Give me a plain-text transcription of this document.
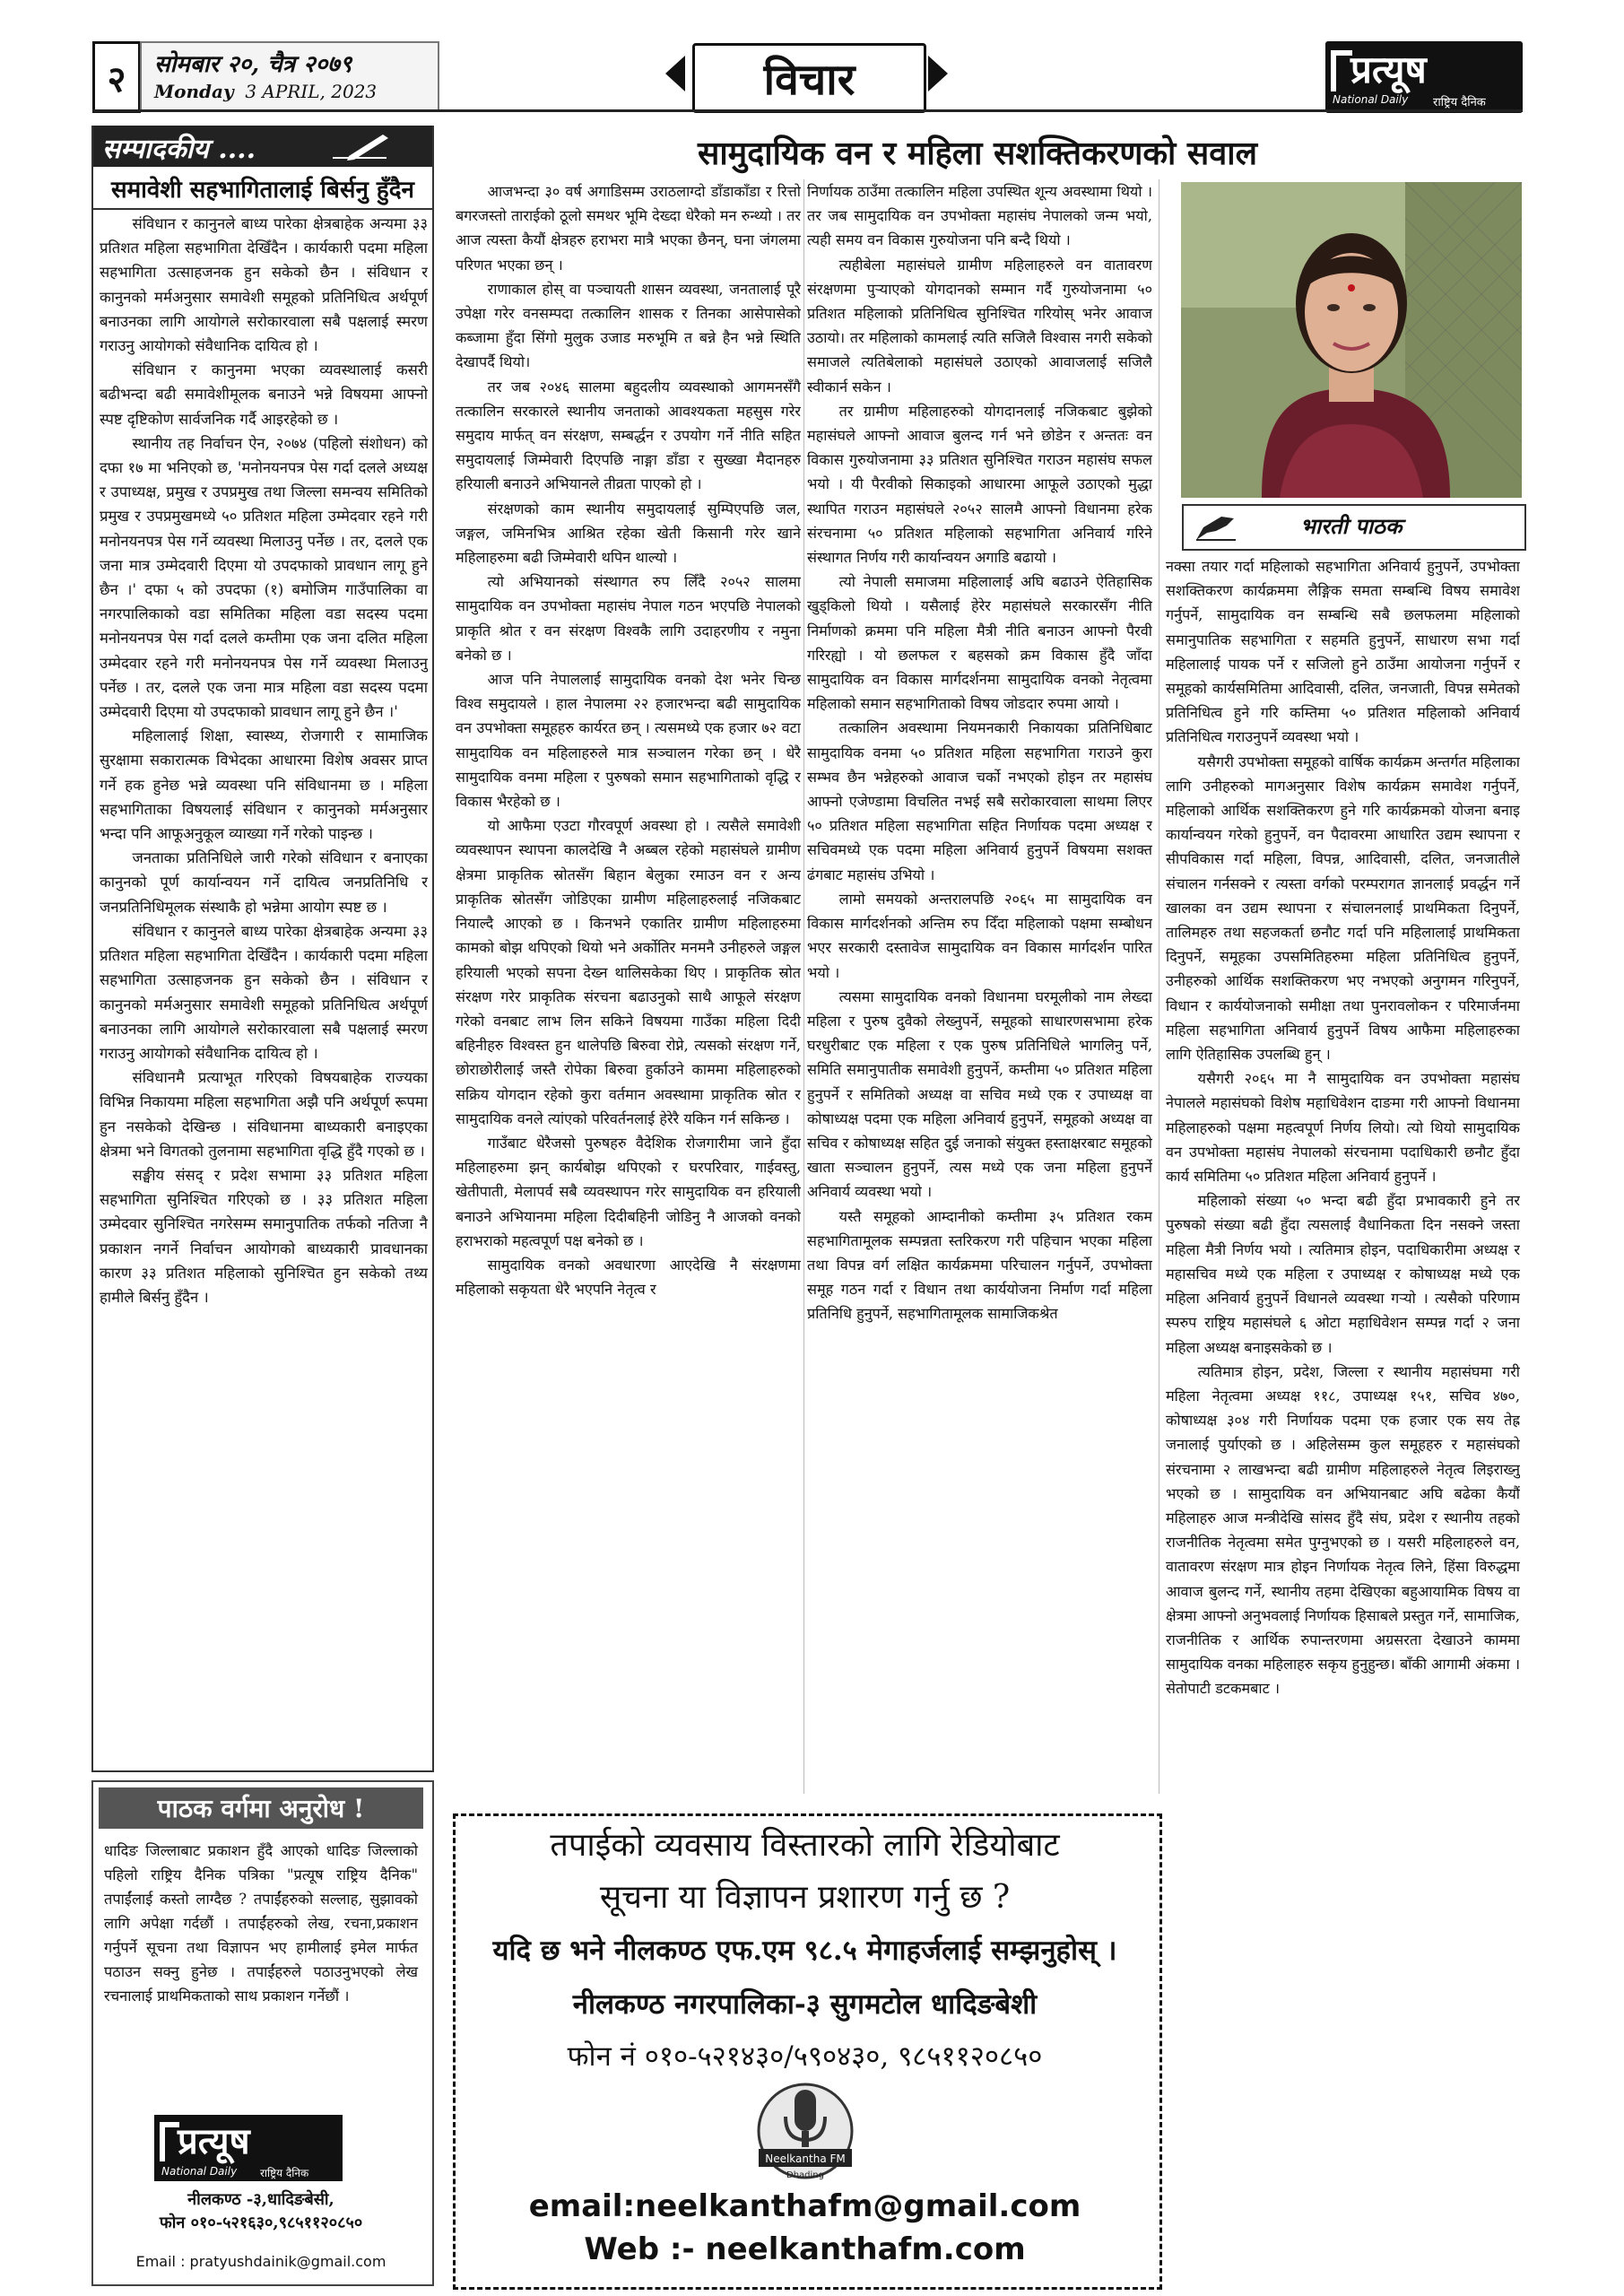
२	सोमबार २०, चैत्र २०७९
Monday 3 APRIL, 2023	विचार	प्रत्यूष
National Daily राष्ट्रिय दैनिक
सम्पादकीय ....
समावेशी सहभागितालाई बिर्सनु हुँदैन

संविधान र कानुनले बाध्य पारेका क्षेत्रबाहेक अन्यमा ३३ प्रतिशत महिला सहभागिता देखिँदैन । कार्यकारी पदमा महिला सहभागिता उत्साहजनक हुन सकेको छैन । संविधान र कानुनको मर्मअनुसार समावेशी समूहको प्रतिनिधित्व अर्थपूर्ण बनाउनका लागि आयोगले सरोकारवाला सबै पक्षलाई स्मरण गराउनु आयोगको संवैधानिक दायित्व हो ।

संविधान र कानुनमा भएका व्यवस्थालाई कसरी बढीभन्दा बढी समावेशीमूलक बनाउने भन्ने विषयमा आफ्नो स्पष्ट दृष्टिकोण सार्वजनिक गर्दै आइरहेको छ ।

स्थानीय तह निर्वाचन ऐन, २०७४ (पहिलो संशोधन) को दफा १७ मा भनिएको छ, 'मनोनयनपत्र पेस गर्दा दलले अध्यक्ष र उपाध्यक्ष, प्रमुख र उपप्रमुख तथा जिल्ला समन्वय समितिको प्रमुख र उपप्रमुखमध्ये ५० प्रतिशत महिला उम्मेदवार रहने गरी मनोनयनपत्र पेस गर्ने व्यवस्था मिलाउनु पर्नेछ । तर, दलले एक जना मात्र उम्मेदवारी दिएमा यो उपदफाको प्रावधान लागू हुने छैन ।' दफा ५ को उपदफा (१) बमोजिम गाउँपालिका वा नगरपालिकाको वडा समितिका महिला वडा सदस्य पदमा मनोनयनपत्र पेस गर्दा दलले कम्तीमा एक जना दलित महिला उम्मेदवार रहने गरी मनोनयनपत्र पेस गर्ने व्यवस्था मिलाउनु पर्नेछ । तर, दलले एक जना मात्र महिला वडा सदस्य पदमा उम्मेदवारी दिएमा यो उपदफाको प्रावधान लागू हुने छैन ।'

महिलालाई शिक्षा, स्वास्थ्य, रोजगारी र सामाजिक सुरक्षामा सकारात्मक विभेदका आधारमा विशेष अवसर प्राप्त गर्ने हक हुनेछ भन्ने व्यवस्था पनि संविधानमा छ । महिला सहभागिताका विषयलाई संविधान र कानुनको मर्मअनुसार भन्दा पनि आफूअनुकूल व्याख्या गर्ने गरेको पाइन्छ ।

जनताका प्रतिनिधिले जारी गरेको संविधान र बनाएका कानुनको पूर्ण कार्यान्वयन गर्ने दायित्व जनप्रतिनिधि र जनप्रतिनिधिमूलक संस्थाकै हो भन्नेमा आयोग स्पष्ट छ ।

संविधान र कानुनले बाध्य पारेका क्षेत्रबाहेक अन्यमा ३३ प्रतिशत महिला सहभागिता देखिँदैन । कार्यकारी पदमा महिला सहभागिता उत्साहजनक हुन सकेको छैन । संविधान र कानुनको मर्मअनुसार समावेशी समूहको प्रतिनिधित्व अर्थपूर्ण बनाउनका लागि आयोगले सरोकारवाला सबै पक्षलाई स्मरण गराउनु आयोगको संवैधानिक दायित्व हो ।

संविधानमै प्रत्याभूत गरिएको विषयबाहेक राज्यका विभिन्न निकायमा महिला सहभागिता अझै पनि अर्थपूर्ण रूपमा हुन नसकेको देखिन्छ । संविधानमा बाध्यकारी बनाइएका क्षेत्रमा भने विगतको तुलनामा सहभागिता वृद्धि हुँदै गएको छ ।

सङ्घीय संसद् र प्रदेश सभामा ३३ प्रतिशत महिला सहभागिता सुनिश्चित गरिएको छ । ३३ प्रतिशत महिला उम्मेदवार सुनिश्चित नगरेसम्म समानुपातिक तर्फको नतिजा नै प्रकाशन नगर्ने निर्वाचन आयोगको बाध्यकारी प्रावधानका कारण ३३ प्रतिशत महिलाको सुनिश्चित हुन सकेको तथ्य हामीले बिर्सनु हुँदैन ।

पाठक वर्गमा अनुरोध !
धादिङ जिल्लाबाट प्रकाशन हुँदै आएको धादिङ जिल्लाको पहिलो राष्ट्रिय दैनिक पत्रिका "प्रत्यूष राष्ट्रिय दैनिक" तपाईंलाई कस्तो लाग्दैछ ? तपाईंहरुको सल्लाह, सुझावको लागि अपेक्षा गर्दछौं । तपाईंहरुको लेख, रचना,प्रकाशन गर्नुपर्ने सूचना तथा विज्ञापन भए हामीलाई इमेल मार्फत पठाउन सक्नु हुनेछ । तपाईंहरुले पठाउनुभएको लेख रचनालाई प्राथमिकताको साथ प्रकाशन गर्नेछौं ।
प्रत्यूष
National Daily राष्ट्रिय दैनिक
नीलकण्ठ -३,धादिङबेसी,
फोन ०१०-५२१६३०,९८५११२०८५०
Email : pratyushdainik@gmail.com
सामुदायिक वन र महिला सशक्तिकरणको सवाल

आजभन्दा ३० वर्ष अगाडिसम्म उराठलाग्दो डाँडाकाँडा र रित्तो बगरजस्तो ताराईको ठूलो समथर भूमि देख्दा धेरैको मन रुन्थ्यो । तर आज त्यस्ता कैयौं क्षेत्रहरु हराभरा मात्रै भएका छैनन्, घना जंगलमा परिणत भएका छन् ।

राणाकाल होस् वा पञ्चायती शासन व्यवस्था, जनतालाई पूरै उपेक्षा गरेर वनसम्पदा तत्कालिन शासक र तिनका आसेपासेको कब्जामा हुँदा सिंगो मुलुक उजाड मरुभूमि त बन्ने हैन भन्ने स्थिति देखापर्दै थियो।

तर जब २०४६ सालमा बहुदलीय व्यवस्थाको आगमनसँगै तत्कालिन सरकारले स्थानीय जनताको आवश्यकता महसुस गरेर समुदाय मार्फत् वन संरक्षण, सम्बर्द्धन र उपयोग गर्ने नीति सहित समुदायलाई जिम्मेवारी दिएपछि नाङ्गा डाँडा र सुख्खा मैदानहरु हरियाली बनाउने अभियानले तीव्रता पाएको हो ।

संरक्षणको काम स्थानीय समुदायलाई सुम्पिएपछि जल, जङ्गल, जमिनभित्र आश्रित रहेका खेती किसानी गरेर खाने महिलाहरुमा बढी जिम्मेवारी थपिन थाल्यो ।

त्यो अभियानको संस्थागत रुप लिँदै २०५२ सालमा सामुदायिक वन उपभोक्ता महासंघ नेपाल गठन भएपछि नेपालको प्राकृति श्रोत र वन संरक्षण विश्वकै लागि उदाहरणीय र नमुना बनेको छ ।

आज पनि नेपाललाई सामुदायिक वनको देश भनेर चिन्छ विश्व समुदायले । हाल नेपालमा २२ हजारभन्दा बढी सामुदायिक वन उपभोक्ता समूहहरु कार्यरत छन् । त्यसमध्ये एक हजार ७२ वटा सामुदायिक वन महिलाहरुले मात्र सञ्चालन गरेका छन् । धेरै सामुदायिक वनमा महिला र पुरुषको समान सहभागिताको वृद्धि र विकास भैरहेको छ ।

यो आफैमा एउटा गौरवपूर्ण अवस्था हो । त्यसैले समावेशी व्यवस्थापन स्थापना कालदेखि नै अब्बल रहेको महासंघले ग्रामीण क्षेत्रमा प्राकृतिक स्रोतसँग बिहान बेलुका रमाउन वन र अन्य प्राकृतिक स्रोतसँग जोडिएका ग्रामीण महिलाहरुलाई नजिकबाट नियाल्दै आएको छ । किनभने एकातिर ग्रामीण महिलाहरुमा कामको बोझ थपिएको थियो भने अर्कोतिर मनमनै उनीहरुले जङ्गल हरियाली भएको सपना देख्न थालिसकेका थिए । प्राकृतिक स्रोत संरक्षण गरेर प्राकृतिक संरचना बढाउनुको साथै आफूले संरक्षण गरेको वनबाट लाभ लिन सकिने विषयमा गाउँका महिला दिदी बहिनीहरु विश्वस्त हुन थालेपछि बिरुवा रोप्ने, त्यसको संरक्षण गर्ने, छोराछोरीलाई जस्तै रोपेका बिरुवा हुर्काउने काममा महिलाहरुको सक्रिय योगदान रहेको कुरा वर्तमान अवस्थामा प्राकृतिक स्रोत र सामुदायिक वनले त्यांएको परिवर्तनलाई हेरेरै यकिन गर्न सकिन्छ ।

गाउँबाट धेरैजसो पुरुषहरु वैदेशिक रोजगारीमा जाने हुँदा महिलाहरुमा झन् कार्यबोझ थपिएको र घरपरिवार, गाईवस्तु, खेतीपाती, मेलापर्व सबै व्यवस्थापन गरेर सामुदायिक वन हरियाली बनाउने अभियानमा महिला दिदीबहिनी जोडिनु नै आजको वनको हराभराको महत्वपूर्ण पक्ष बनेको छ ।

सामुदायिक वनको अवधारणा आएदेखि नै संरक्षणमा महिलाको सकृयता धेरै भएपनि नेतृत्व र

निर्णायक ठाउँमा तत्कालिन महिला उपस्थित शून्य अवस्थामा थियो । तर जब सामुदायिक वन उपभोक्ता महासंघ नेपालको जन्म भयो, त्यही समय वन विकास गुरुयोजना पनि बन्दै थियो ।

त्यहीबेला महासंघले ग्रामीण महिलाहरुले वन वातावरण संरक्षणमा पुऱ्याएको योगदानको सम्मान गर्दै गुरुयोजनामा ५० प्रतिशत महिलाको प्रतिनिधित्व सुनिश्चित गरियोस् भनेर आवाज उठायो। तर महिलाको कामलाई त्यति सजिलै विश्वास नगरी सकेको समाजले त्यतिबेलाको महासंघले उठाएको आवाजलाई सजिलै स्वीकार्न सकेन ।

तर ग्रामीण महिलाहरुको योगदानलाई नजिकबाट बुझेको महासंघले आफ्नो आवाज बुलन्द गर्न भने छोडेन र अन्ततः वन विकास गुरुयोजनामा ३३ प्रतिशत सुनिश्चित गराउन महासंघ सफल भयो । यी पैरवीको सिकाइको आधारमा आफूले उठाएको मुद्धा स्थापित गराउन महासंघले २०५२ सालमै आफ्नो विधानमा हरेक संरचनामा ५० प्रतिशत महिलाको सहभागिता अनिवार्य गरिने संस्थागत निर्णय गरी कार्यान्वयन अगाडि बढायो ।

त्यो नेपाली समाजमा महिलालाई अघि बढाउने ऐतिहासिक खुड्किलो थियो । यसैलाई हेरेर महासंघले सरकारसँग नीति निर्माणको क्रममा पनि महिला मैत्री नीति बनाउन आफ्नो पैरवी गरिरह्यो । यो छलफल र बहसको क्रम विकास हुँदै जाँदा सामुदायिक वन विकास मार्गदर्शनमा सामुदायिक वनको नेतृत्वमा महिलाको समान सहभागिताको विषय जोडदार रुपमा आयो ।

तत्कालिन अवस्थामा नियमनकारी निकायका प्रतिनिधिबाट सामुदायिक वनमा ५० प्रतिशत महिला सहभागिता गराउने कुरा सम्भव छैन भन्नेहरुको आवाज चर्को नभएको होइन तर महासंघ आफ्नो एजेण्डामा विचलित नभई सबै सरोकारवाला साथमा लिएर ५० प्रतिशत महिला सहभागिता सहित निर्णायक पदमा अध्यक्ष र सचिवमध्ये एक पदमा महिला अनिवार्य हुनुपर्ने विषयमा सशक्त ढंगबाट महासंघ उभियो ।

लामो समयको अन्तरालपछि २०६५ मा सामुदायिक वन विकास मार्गदर्शनको अन्तिम रुप दिँदा महिलाको पक्षमा सम्बोधन भएर सरकारी दस्तावेज सामुदायिक वन विकास मार्गदर्शन पारित भयो ।

त्यसमा सामुदायिक वनको विधानमा घरमूलीको नाम लेख्दा महिला र पुरुष दुवैको लेख्नुपर्ने, समूहको साधारणसभामा हरेक घरधुरीबाट एक महिला र एक पुरुष प्रतिनिधिले भागलिनु पर्ने, समिति समानुपातीक समावेशी हुनुपर्ने, कम्तीमा ५० प्रतिशत महिला हुनुपर्ने र समितिको अध्यक्ष वा सचिव मध्ये एक र उपाध्यक्ष वा कोषाध्यक्ष पदमा एक महिला अनिवार्य हुनुपर्ने, समूहको अध्यक्ष वा सचिव र कोषाध्यक्ष सहित दुई जनाको संयुक्त हस्ताक्षरबाट समूहको खाता सञ्चालन हुनुपर्ने, त्यस मध्ये एक जना महिला हुनुपर्ने अनिवार्य व्यवस्था भयो ।

यस्तै समूहको आम्दानीको कम्तीमा ३५ प्रतिशत रकम सहभागितामूलक सम्पन्नता स्तरिकरण गरी पहिचान भएका महिला तथा विपन्न वर्ग लक्षित कार्यक्रममा परिचालन गर्नुपर्ने, उपभोक्ता समूह गठन गर्दा र विधान तथा कार्ययोजना निर्माण गर्दा महिला प्रतिनिधि हुनुपर्ने, सहभागितामूलक सामाजिकश्रेत

भारती पाठक

नक्सा तयार गर्दा महिलाको सहभागिता अनिवार्य हुनुपर्ने, उपभोक्ता सशक्तिकरण कार्यक्रममा लैङ्गिक समता सम्बन्धि विषय समावेश गर्नुपर्ने, सामुदायिक वन सम्बन्धि सबै छलफलमा महिलाको समानुपातिक सहभागिता र सहमति हुनुपर्ने, साधारण सभा गर्दा महिलालाई पायक पर्ने र सजिलो हुने ठाउँमा आयोजना गर्नुपर्ने र समूहको कार्यसमितिमा आदिवासी, दलित, जनजाती, विपन्न समेतको प्रतिनिधित्व हुने गरि कम्तिमा ५० प्रतिशत महिलाको अनिवार्य प्रतिनिधित्व गराउनुपर्ने व्यवस्था भयो ।

यसैगरी उपभोक्ता समूहको वार्षिक कार्यक्रम अन्तर्गत महिलाका लागि उनीहरुको मागअनुसार विशेष कार्यक्रम समावेश गर्नुपर्ने, महिलाको आर्थिक सशक्तिकरण हुने गरि कार्यक्रमको योजना बनाइ कार्यान्वयन गरेको हुनुपर्ने, वन पैदावरमा आधारित उद्यम स्थापना र सीपविकास गर्दा महिला, विपन्न, आदिवासी, दलित, जनजातीले संचालन गर्नसक्ने र त्यस्ता वर्गको परम्परागत ज्ञानलाई प्रवर्द्धन गर्ने खालका वन उद्यम स्थापना र संचालनलाई प्राथमिकता दिनुपर्ने, तालिमहरु तथा सहजकर्ता छनौट गर्दा पनि महिलालाई प्राथमिकता दिनुपर्ने, समूहका उपसमितिहरुमा महिला प्रतिनिधित्व हुनुपर्ने, उनीहरुको आर्थिक सशक्तिकरण भए नभएको अनुगमन गरिनुपर्ने, विधान र कार्ययोजनाको समीक्षा तथा पुनरावलोकन र परिमार्जनमा महिला सहभागिता अनिवार्य हुनुपर्ने विषय आफैमा महिलाहरुका लागि ऐतिहासिक उपलब्धि हुन् ।

यसैगरी २०६५ मा नै सामुदायिक वन उपभोक्ता महासंघ नेपालले महासंघको विशेष महाधिवेशन दाङमा गरी आफ्नो विधानमा महिलाहरुको पक्षमा महत्वपूर्ण निर्णय लियो। त्यो थियो सामुदायिक वन उपभोक्ता महासंघ नेपालको संरचनामा पदाधिकारी छनौट हुँदा कार्य समितिमा ५० प्रतिशत महिला अनिवार्य हुनुपर्ने ।

महिलाको संख्या ५० भन्दा बढी हुँदा प्रभावकारी हुने तर पुरुषको संख्या बढी हुँदा त्यसलाई वैधानिकता दिन नसक्ने जस्ता महिला मैत्री निर्णय भयो । त्यतिमात्र होइन, पदाधिकारीमा अध्यक्ष र महासचिव मध्ये एक महिला र उपाध्यक्ष र कोषाध्यक्ष मध्ये एक महिला अनिवार्य हुनुपर्ने विधानले व्यवस्था गऱ्यो । त्यसैको परिणाम स्परुप राष्ट्रिय महासंघले ६ ओटा महाधिवेशन सम्पन्न गर्दा २ जना महिला अध्यक्ष बनाइसकेको छ ।

त्यतिमात्र होइन, प्रदेश, जिल्ला र स्थानीय महासंघमा गरी महिला नेतृत्वमा अध्यक्ष ११८, उपाध्यक्ष १५१, सचिव ४७०, कोषाध्यक्ष ३०४ गरी निर्णायक पदमा एक हजार एक सय तेह्र जनालाई पुर्याएको छ । अहिलेसम्म कुल समूहहरु र महासंघको संरचनामा २ लाखभन्दा बढी ग्रामीण महिलाहरुले नेतृत्व लिइराख्नु भएको छ । सामुदायिक वन अभियानबाट अघि बढेका कैयौं महिलाहरु आज मन्त्रीदेखि सांसद हुँदै संघ, प्रदेश र स्थानीय तहको राजनीतिक नेतृत्वमा समेत पुग्नुभएको छ । यसरी महिलाहरुले वन, वातावरण संरक्षण मात्र होइन निर्णायक नेतृत्व लिने, हिंसा विरुद्धमा आवाज बुलन्द गर्ने, स्थानीय तहमा देखिएका बहुआयामिक विषय वा क्षेत्रमा आफ्नो अनुभवलाई निर्णायक हिसाबले प्रस्तुत गर्ने, सामाजिक, राजनीतिक र आर्थिक रुपान्तरणमा अग्रसरता देखाउने काममा सामुदायिक वनका महिलाहरु सकृय हुनुहुन्छ। बाँकी आगामी अंकमा । सेतोपाटी डटकमबाट ।

तपाईको व्यवसाय विस्तारको लागि रेडियोबाट
सूचना या विज्ञापन प्रशारण गर्नु छ ?
यदि छ भने नीलकण्ठ एफ.एम ९८.५ मेगाहर्जलाई सम्झनुहोस् ।
नीलकण्ठ नगरपालिका-३ सुगमटोल धादिङबेशी
फोन नं ०१०-५२१४३०/५९०४३०, ९८५११२०८५०
Neelkantha FM
Dhading
email:neelkanthafm@gmail.com
Web :- neelkanthafm.com
